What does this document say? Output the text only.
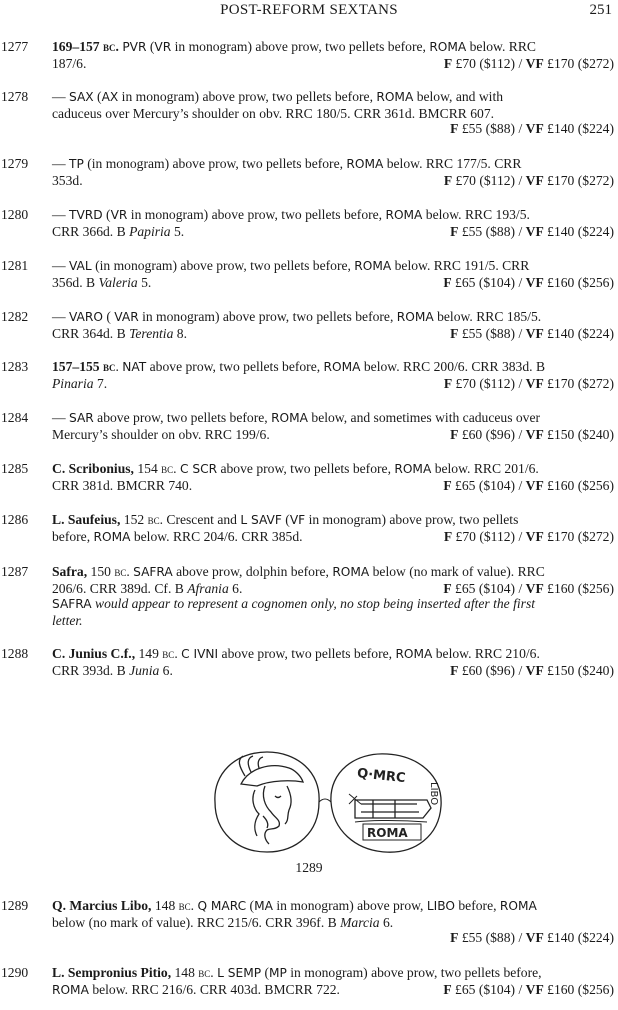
POST-REFORM SEXTANS	251
1277 169–157 bc. PVR (VR in monogram) above prow, two pellets before, ROMA below. RRC
187/6.	F £70 ($112) / VF £170 ($272)
1278 — SAX (AX in monogram) above prow, two pellets before, ROMA below, and with
caduceus over Mercury’s shoulder on obv. RRC 180/5. CRR 361d. BMCRR 607.
F £55 ($88) / VF £140 ($224)
1279 — TP (in monogram) above prow, two pellets before, ROMA below. RRC 177/5. CRR
353d.	F £70 ($112) / VF £170 ($272)
1280 — TVRD (VR in monogram) above prow, two pellets before, ROMA below. RRC 193/5.
CRR 366d. B Papiria 5.	F £55 ($88) / VF £140 ($224)
1281 — VAL (in monogram) above prow, two pellets before, ROMA below. RRC 191/5. CRR
356d. B Valeria 5.	F £65 ($104) / VF £160 ($256)
1282 — VARO ( VAR in monogram) above prow, two pellets before, ROMA below. RRC 185/5.
CRR 364d. B Terentia 8.	F £55 ($88) / VF £140 ($224)
1283 157–155 bc. NAT above prow, two pellets before, ROMA below. RRC 200/6. CRR 383d. B
Pinaria 7.	F £70 ($112) / VF £170 ($272)
1284 — SAR above prow, two pellets before, ROMA below, and sometimes with caduceus over
Mercury’s shoulder on obv. RRC 199/6.	F £60 ($96) / VF £150 ($240)
1285 C. Scribonius, 154 bc. C SCR above prow, two pellets before, ROMA below. RRC 201/6.
CRR 381d. BMCRR 740.	F £65 ($104) / VF £160 ($256)
1286 L. Saufeius, 152 bc. Crescent and L SAVF (VF in monogram) above prow, two pellets
before, ROMA below. RRC 204/6. CRR 385d.	F £70 ($112) / VF £170 ($272)
1287 Safra, 150 bc. SAFRA above prow, dolphin before, ROMA below (no mark of value). RRC
206/6. CRR 389d. Cf. B Afrania 6.	F £65 ($104) / VF £160 ($256)
SAFRA would appear to represent a cognomen only, no stop being inserted after the first
letter.
1288 C. Junius C.f., 149 bc. C IVNI above prow, two pellets before, ROMA below. RRC 210/6.
CRR 393d. B Junia 6.	F £60 ($96) / VF £150 ($240)
Q·MRC
LIBO
ROMA
1289
1289 Q. Marcius Libo, 148 bc. Q MARC (MA in monogram) above prow, LIBO before, ROMA
below (no mark of value). RRC 215/6. CRR 396f. B Marcia 6.
F £55 ($88) / VF £140 ($224)
1290 L. Sempronius Pitio, 148 bc. L SEMP (MP in monogram) above prow, two pellets before,
ROMA below. RRC 216/6. CRR 403d. BMCRR 722.	F £65 ($104) / VF £160 ($256)
